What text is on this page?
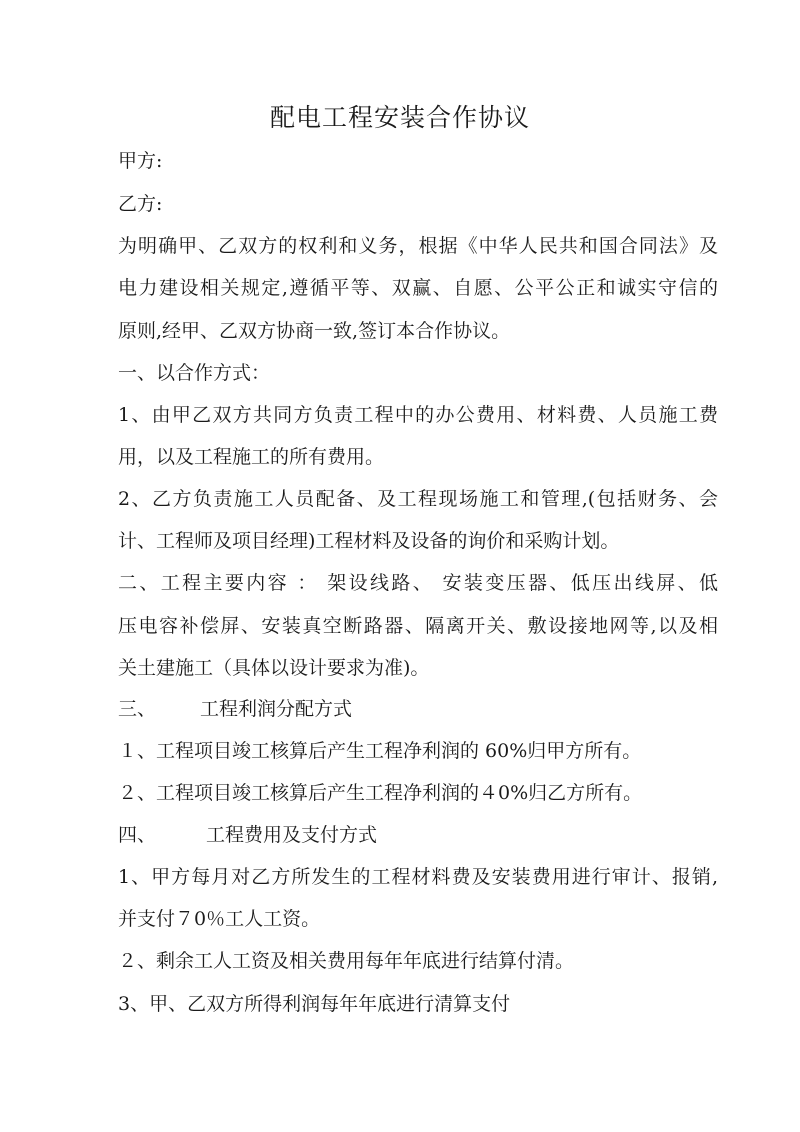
配电工程安装合作协议
甲方:
乙方:
为明确甲、乙双方的权利和义务，根据《中华人民共和国合同法》及
电力建设相关规定,遵循平等、双赢、自愿、公平公正和诚实守信的
原则,经甲、乙双方协商一致,签订本合作协议。
一、以合作方式：
1、由甲乙双方共同方负责工程中的办公费用、材料费、人员施工费
用，以及工程施工的所有费用。
2、乙方负责施工人员配备、及工程现场施工和管理,(包括财务、会
计、工程师及项目经理)工程材料及设备的询价和采购计划。
二、工程主要内容 ： 架设线路、 安装变压器、低压出线屏、低
压电容补偿屏、安装真空断路器、隔离开关、敷设接地网等,以及相
关土建施工（具体以设计要求为准)。
三、 工程利润分配方式
１、工程项目竣工核算后产生工程净利润的 60%归甲方所有。
２、工程项目竣工核算后产生工程净利润的４0%归乙方所有。
四、	工程费用及支付方式
1、甲方每月对乙方所发生的工程材料费及安装费用进行审计、报销,
并支付７0％工人工资。
２、剩余工人工资及相关费用每年年底进行结算付清。
3、甲、乙双方所得利润每年年底进行清算支付
